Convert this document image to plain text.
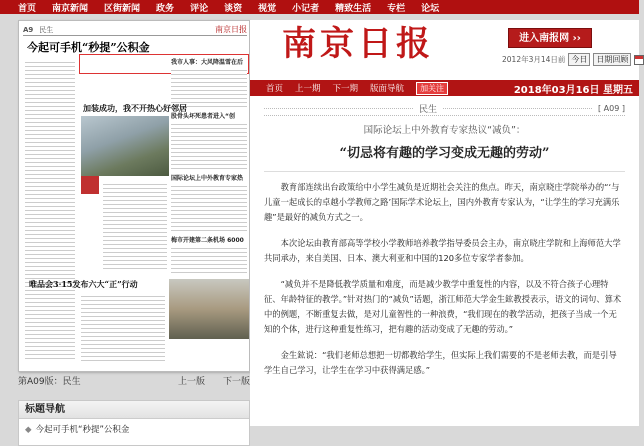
首页 南京新闻 区街新闻 政务 评论 谈资 视觉 小记者 精致生活 专栏 论坛
A9 民生	南京日报
今起可手机“秒提”公积金
我市人事：大风降温雪在后
加装成功，我不开热心好邻居
股骨头坏死患者进入“创
国际论坛上中外教育专家热
梅市开建第二条机场 6000
唯品会3·15发布六大“正”行动
第A09版：民生	上一版 下一版
标题导航
◆ 今起可手机“秒提”公积金
南京日报	进入南报网 ››
2012年3月14日前 今日	日期回顾
首页 上一期 下一期 版面导航	加关注	2018年03月16日 星期五
民生	[ A09 ]
国际论坛上中外教育专家热议“减负”：
“切忌将有趣的学习变成无趣的劳动”

教育部连续出台政策给中小学生减负是近期社会关注的焦点。昨天，南京晓庄学院举办的“‘与儿童一起成长的卓越小学教师之路’国际学术论坛上，国内外教育专家认为，“让学生的学习充满乐趣”是最好的减负方式之一。

本次论坛由教育部高等学校小学教师培养教学指导委员会主办，南京晓庄学院和上海师范大学共同承办，来自美国、日本、澳大利亚和中国的120多位专家学者参加。

“减负并不是降低教学质量和难度，而是减少教学中重复性的内容，以及不符合孩子心理特征、年龄特征的教学。”针对热门的“减负”话题，浙江师范大学金生鈜教授表示，语文的词句、算术中的例题，不断重复去做，是对儿童智性的一种浪费，“我们现在的教学活动，把孩子当成一个无知的个体，进行这种重复性练习，把有趣的活动变成了无趣的劳动。”

金生鈜说：“我们老师总想把一切都教给学生，但实际上我们需要的不是老师去教，而是引导学生自己学习，让学生在学习中获得满足感。”
